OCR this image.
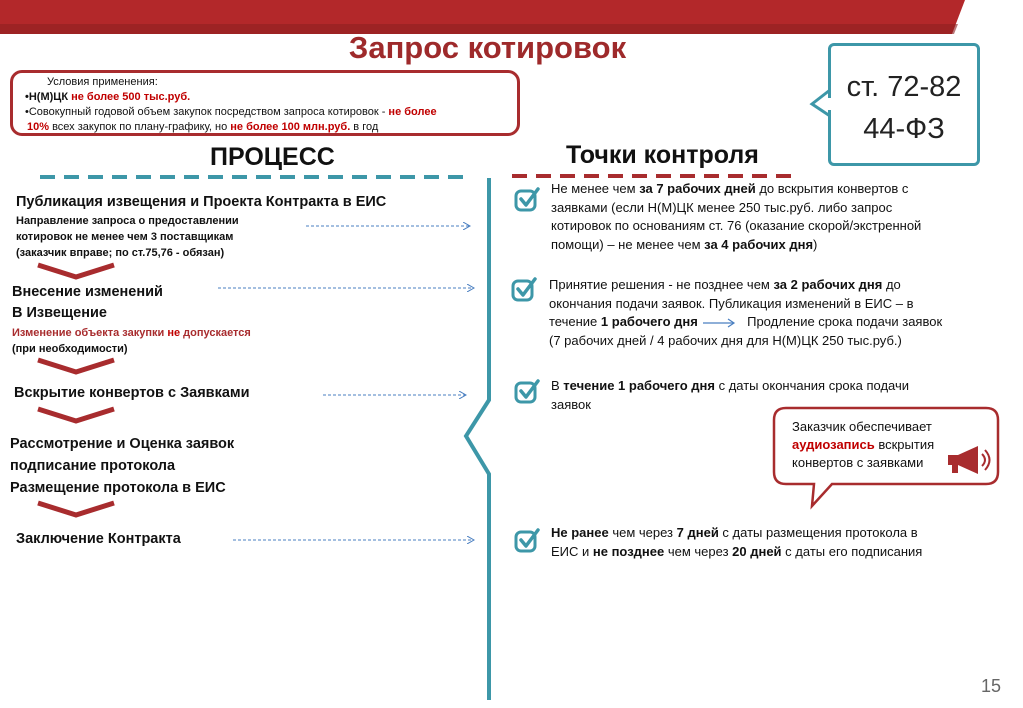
Запрос котировок
Условия применения:
•Н(М)ЦК не более 500 тыс.руб.
•Совокупный годовой объем закупок посредством запроса котировок - не более
10% всех закупок по плану-графику, но не более 100 млн.руб. в год
ст. 72-82
44-ФЗ
ПРОЦЕСС	Точки контроля
Публикация извещения и Проекта Контракта в ЕИС
Направление запроса о предоставлении
котировок не менее чем 3 поставщикам
(заказчик вправе; по ст.75,76 - обязан)
Внесение изменений
В Извещение
Изменение объекта закупки не допускается
(при необходимости)
Вскрытие конвертов с Заявками
Рассмотрение и Оценка заявок
подписание протокола
Размещение протокола в ЕИС
Заключение Контракта
Не менее чем за 7 рабочих дней до вскрытия конвертов с
заявками (если Н(М)ЦК менее 250 тыс.руб. либо запрос
котировок по основаниям ст. 76 (оказание скорой/экстренной
помощи) – не менее чем за 4 рабочих дня)
Принятие решения - не позднее чем за 2 рабочих дня до
окончания подачи заявок. Публикация изменений в ЕИС – в
течение 1 рабочего дня	Продление срока подачи заявок
(7 рабочих дней / 4 рабочих дня для Н(М)ЦК 250 тыс.руб.)
В течение 1 рабочего дня с даты окончания срока подачи
заявок
Заказчик обеспечивает
аудиозапись вскрытия
конвертов с заявками
Не ранее чем через 7 дней с даты размещения протокола в
ЕИС и не позднее чем через 20 дней с даты его подписания
15
